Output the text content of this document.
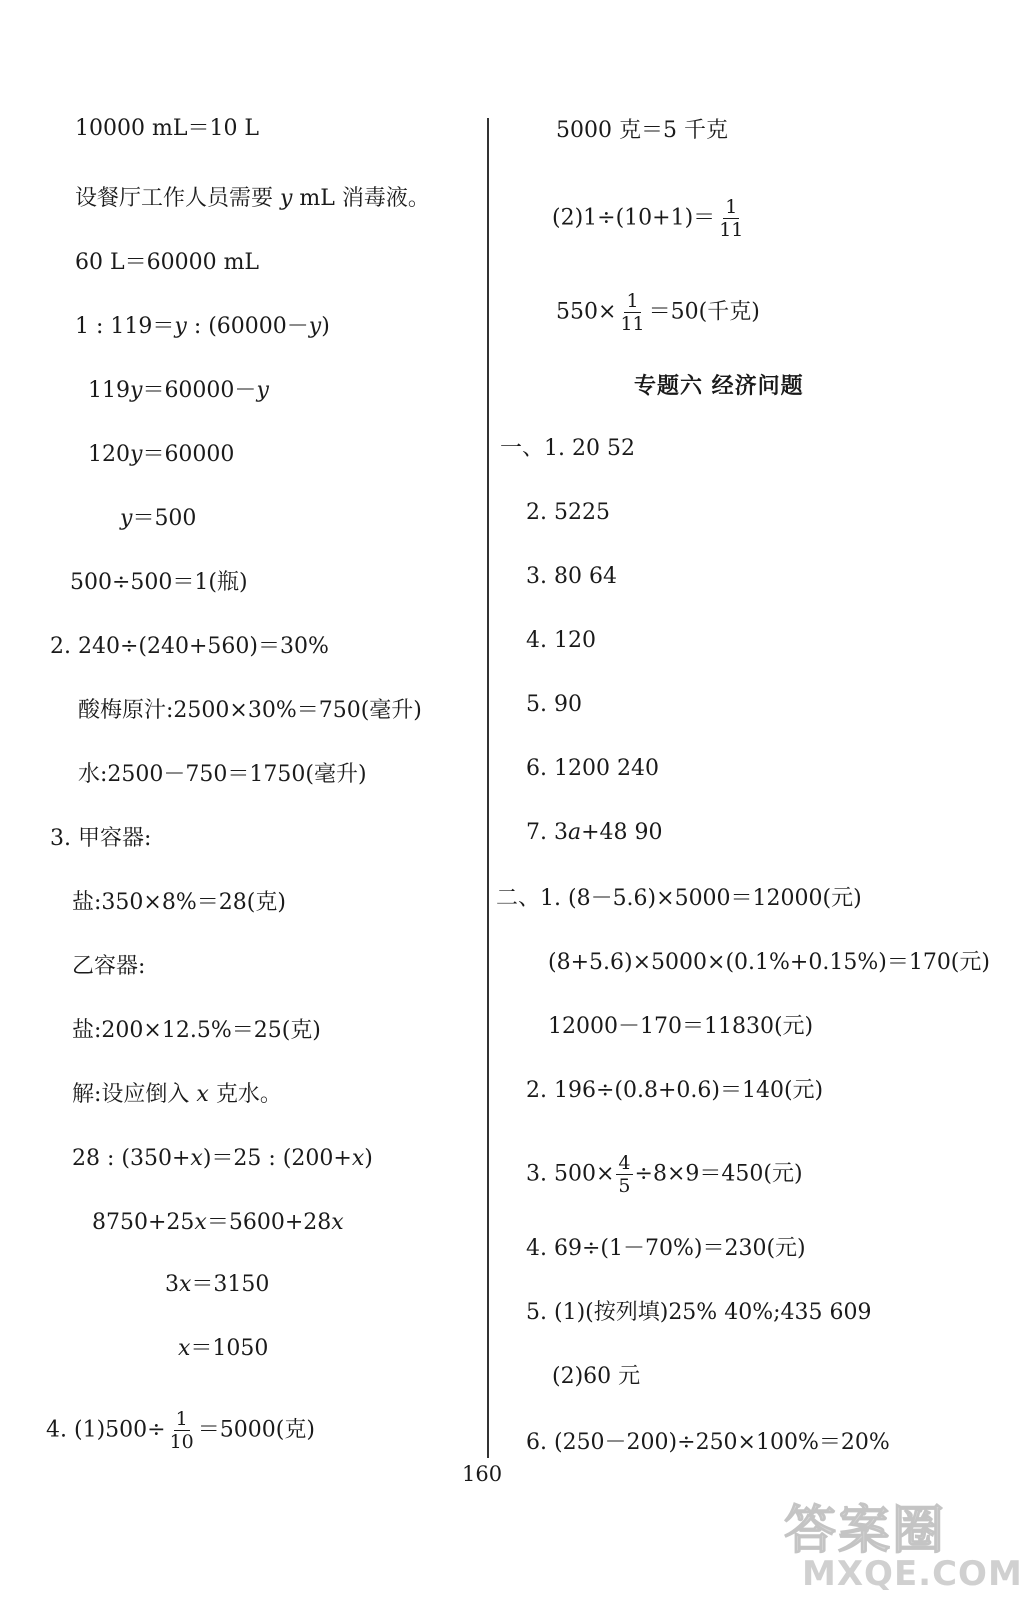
10000 mL＝10 L
设餐厅工作人员需要 y mL 消毒液。
60 L＝60000 mL
1 : 119＝y : (60000－y)
119y＝60000－y
120y＝60000
y＝500
500÷500＝1(瓶)
2. 240÷(240+560)＝30%
酸梅原汁:2500×30%＝750(毫升)
水:2500－750＝1750(毫升)
3. 甲容器:
盐:350×8%＝28(克)
乙容器:
盐:200×12.5%＝25(克)
解:设应倒入 x 克水。
28 : (350+x)＝25 : (200+x)
8750+25x＝5600+28x
3x＝3150
x＝1050
4. $(1)500\div \frac{1}{10} =5000$(克)
5000 克＝5 千克
$(2)1\div(10+1)= \frac{1}{11}$
$550\times \frac{1}{11} =50$(千克)
专题六 经济问题
一、1. 20 52
2. 5225
3. 80 64
4. 120
5. 90
6. 1200 240
7. 3a+48 90
二、1. (8－5.6)×5000＝12000(元)
(8+5.6)×5000×(0.1%+0.15%)＝170(元)
12000－170＝11830(元)
2. 196÷(0.8+0.6)＝140(元)
3. $500\times \frac{4}{5} \div 8\times 9=450$(元)
4. 69÷(1－70%)＝230(元)
5. (1)(按列填)25% 40%;435 609
(2)60 元
6. (250－200)÷250×100%＝20%
160
答案圈
MXQE.COM
